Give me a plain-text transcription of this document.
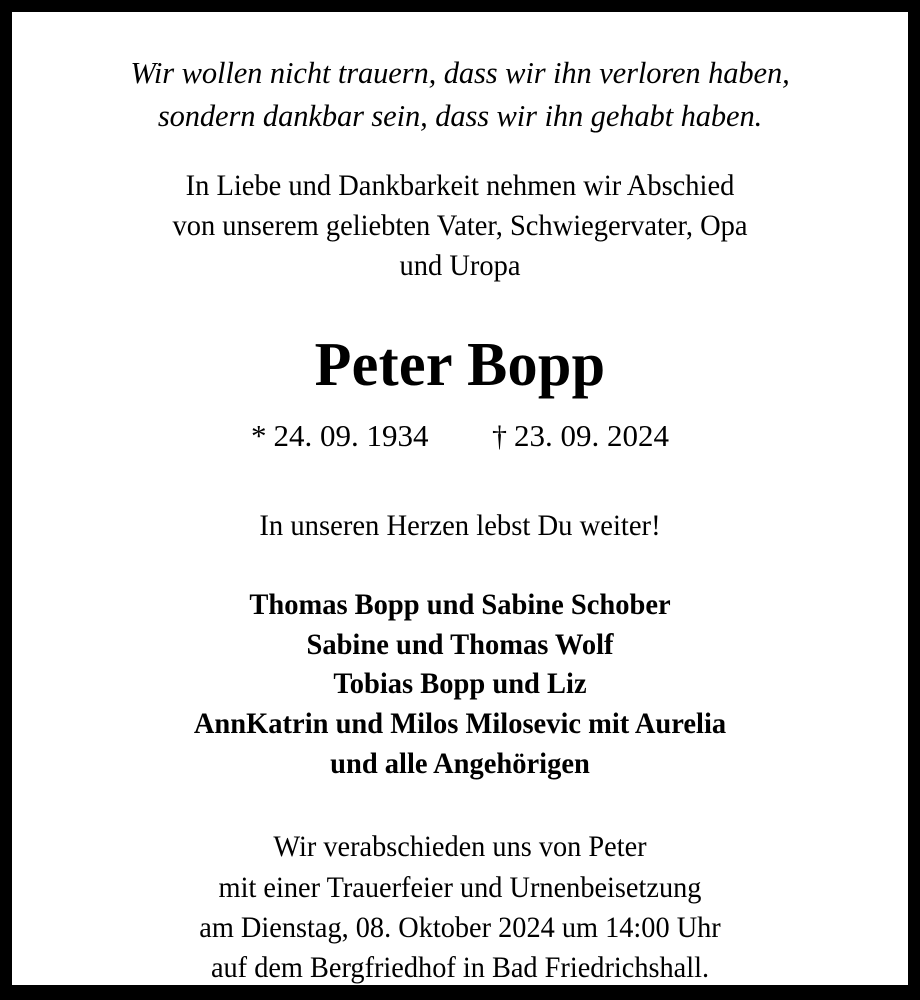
Wir wollen nicht trauern, dass wir ihn verloren haben,
sondern dankbar sein, dass wir ihn gehabt haben.
In Liebe und Dankbarkeit nehmen wir Abschied
von unserem geliebten Vater, Schwiegervater, Opa
und Uropa
Peter Bopp
* 24. 09. 1934 † 23. 09. 2024
In unseren Herzen lebst Du weiter!
Thomas Bopp und Sabine Schober
Sabine und Thomas Wolf
Tobias Bopp und Liz
AnnKatrin und Milos Milosevic mit Aurelia
und alle Angehörigen
Wir verabschieden uns von Peter
mit einer Trauerfeier und Urnenbeisetzung
am Dienstag, 08. Oktober 2024 um 14:00 Uhr
auf dem Bergfriedhof in Bad Friedrichshall.
